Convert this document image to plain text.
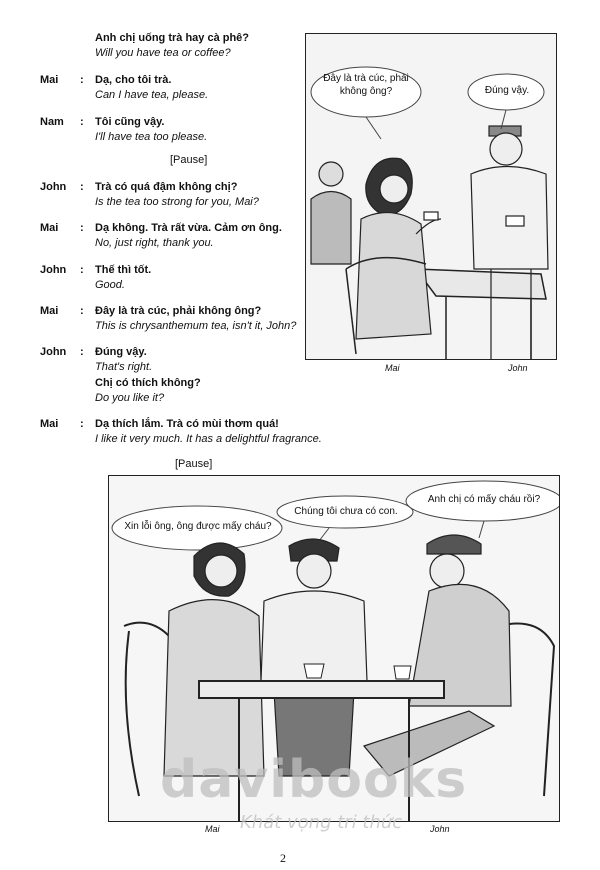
Anh chị uống trà hay cà phê?
Will you have tea or coffee?
Mai : Dạ, cho tôi trà.
Can I have tea, please.
Nam : Tôi cũng vậy.
I'll have tea too please.
[Pause]
John : Trà có quá đậm không chị?
Is the tea too strong for you, Mai?
Mai : Dạ không. Trà rất vừa. Cảm ơn ông.
No, just right, thank you.
John : Thế thì tốt.
Good.
Mai : Đây là trà cúc, phải không ông?
This is chrysanthemum tea, isn't it, John?
John : Đúng vậy.
That's right.
Chị có thích không?
Do you like it?
Mai : Dạ thích lắm. Trà có mùi thơm quá!
I like it very much. It has a delightful fragrance.
[Pause]
Đây là trà cúc, phải không ông?	Đúng vậy.
Mai	John
Xin lỗi ông, ông được mấy cháu?
Chúng tôi chưa có con.
Anh chị có mấy cháu rồi?
Mai	John
davibooks
Khát vọng tri thức
2
